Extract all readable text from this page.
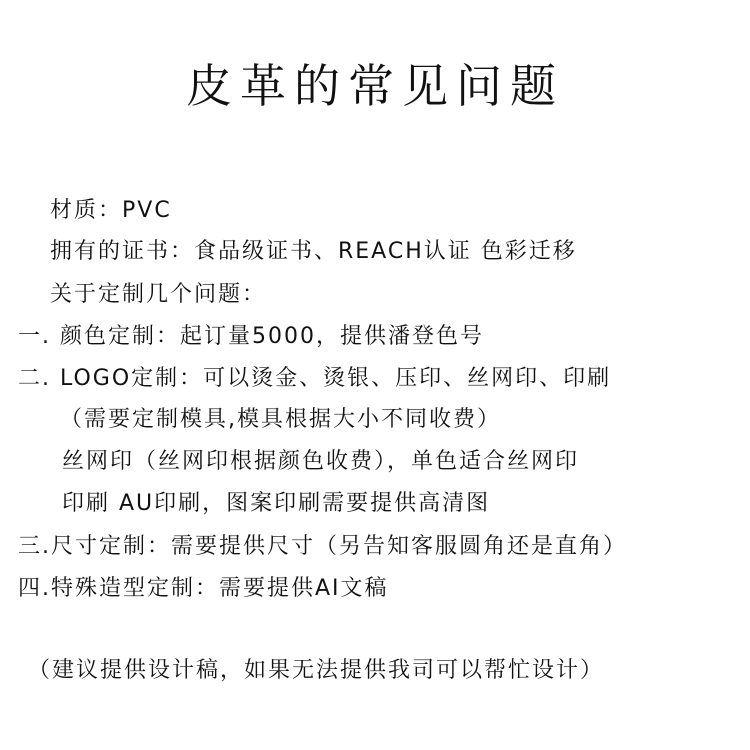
皮革的常见问题
材质：PVC
拥有的证书：食品级证书、REACH认证 色彩迁移
关于定制几个问题：
一. 颜色定制：起订量5000，提供潘登色号
二. LOGO定制：可以烫金、烫银、压印、丝网印、印刷
（需要定制模具,模具根据大小不同收费）
丝网印（丝网印根据颜色收费），单色适合丝网印
印刷 AU印刷，图案印刷需要提供高清图
三.尺寸定制：需要提供尺寸（另告知客服圆角还是直角）
四.特殊造型定制：需要提供AI文稿
（建议提供设计稿，如果无法提供我司可以帮忙设计）
